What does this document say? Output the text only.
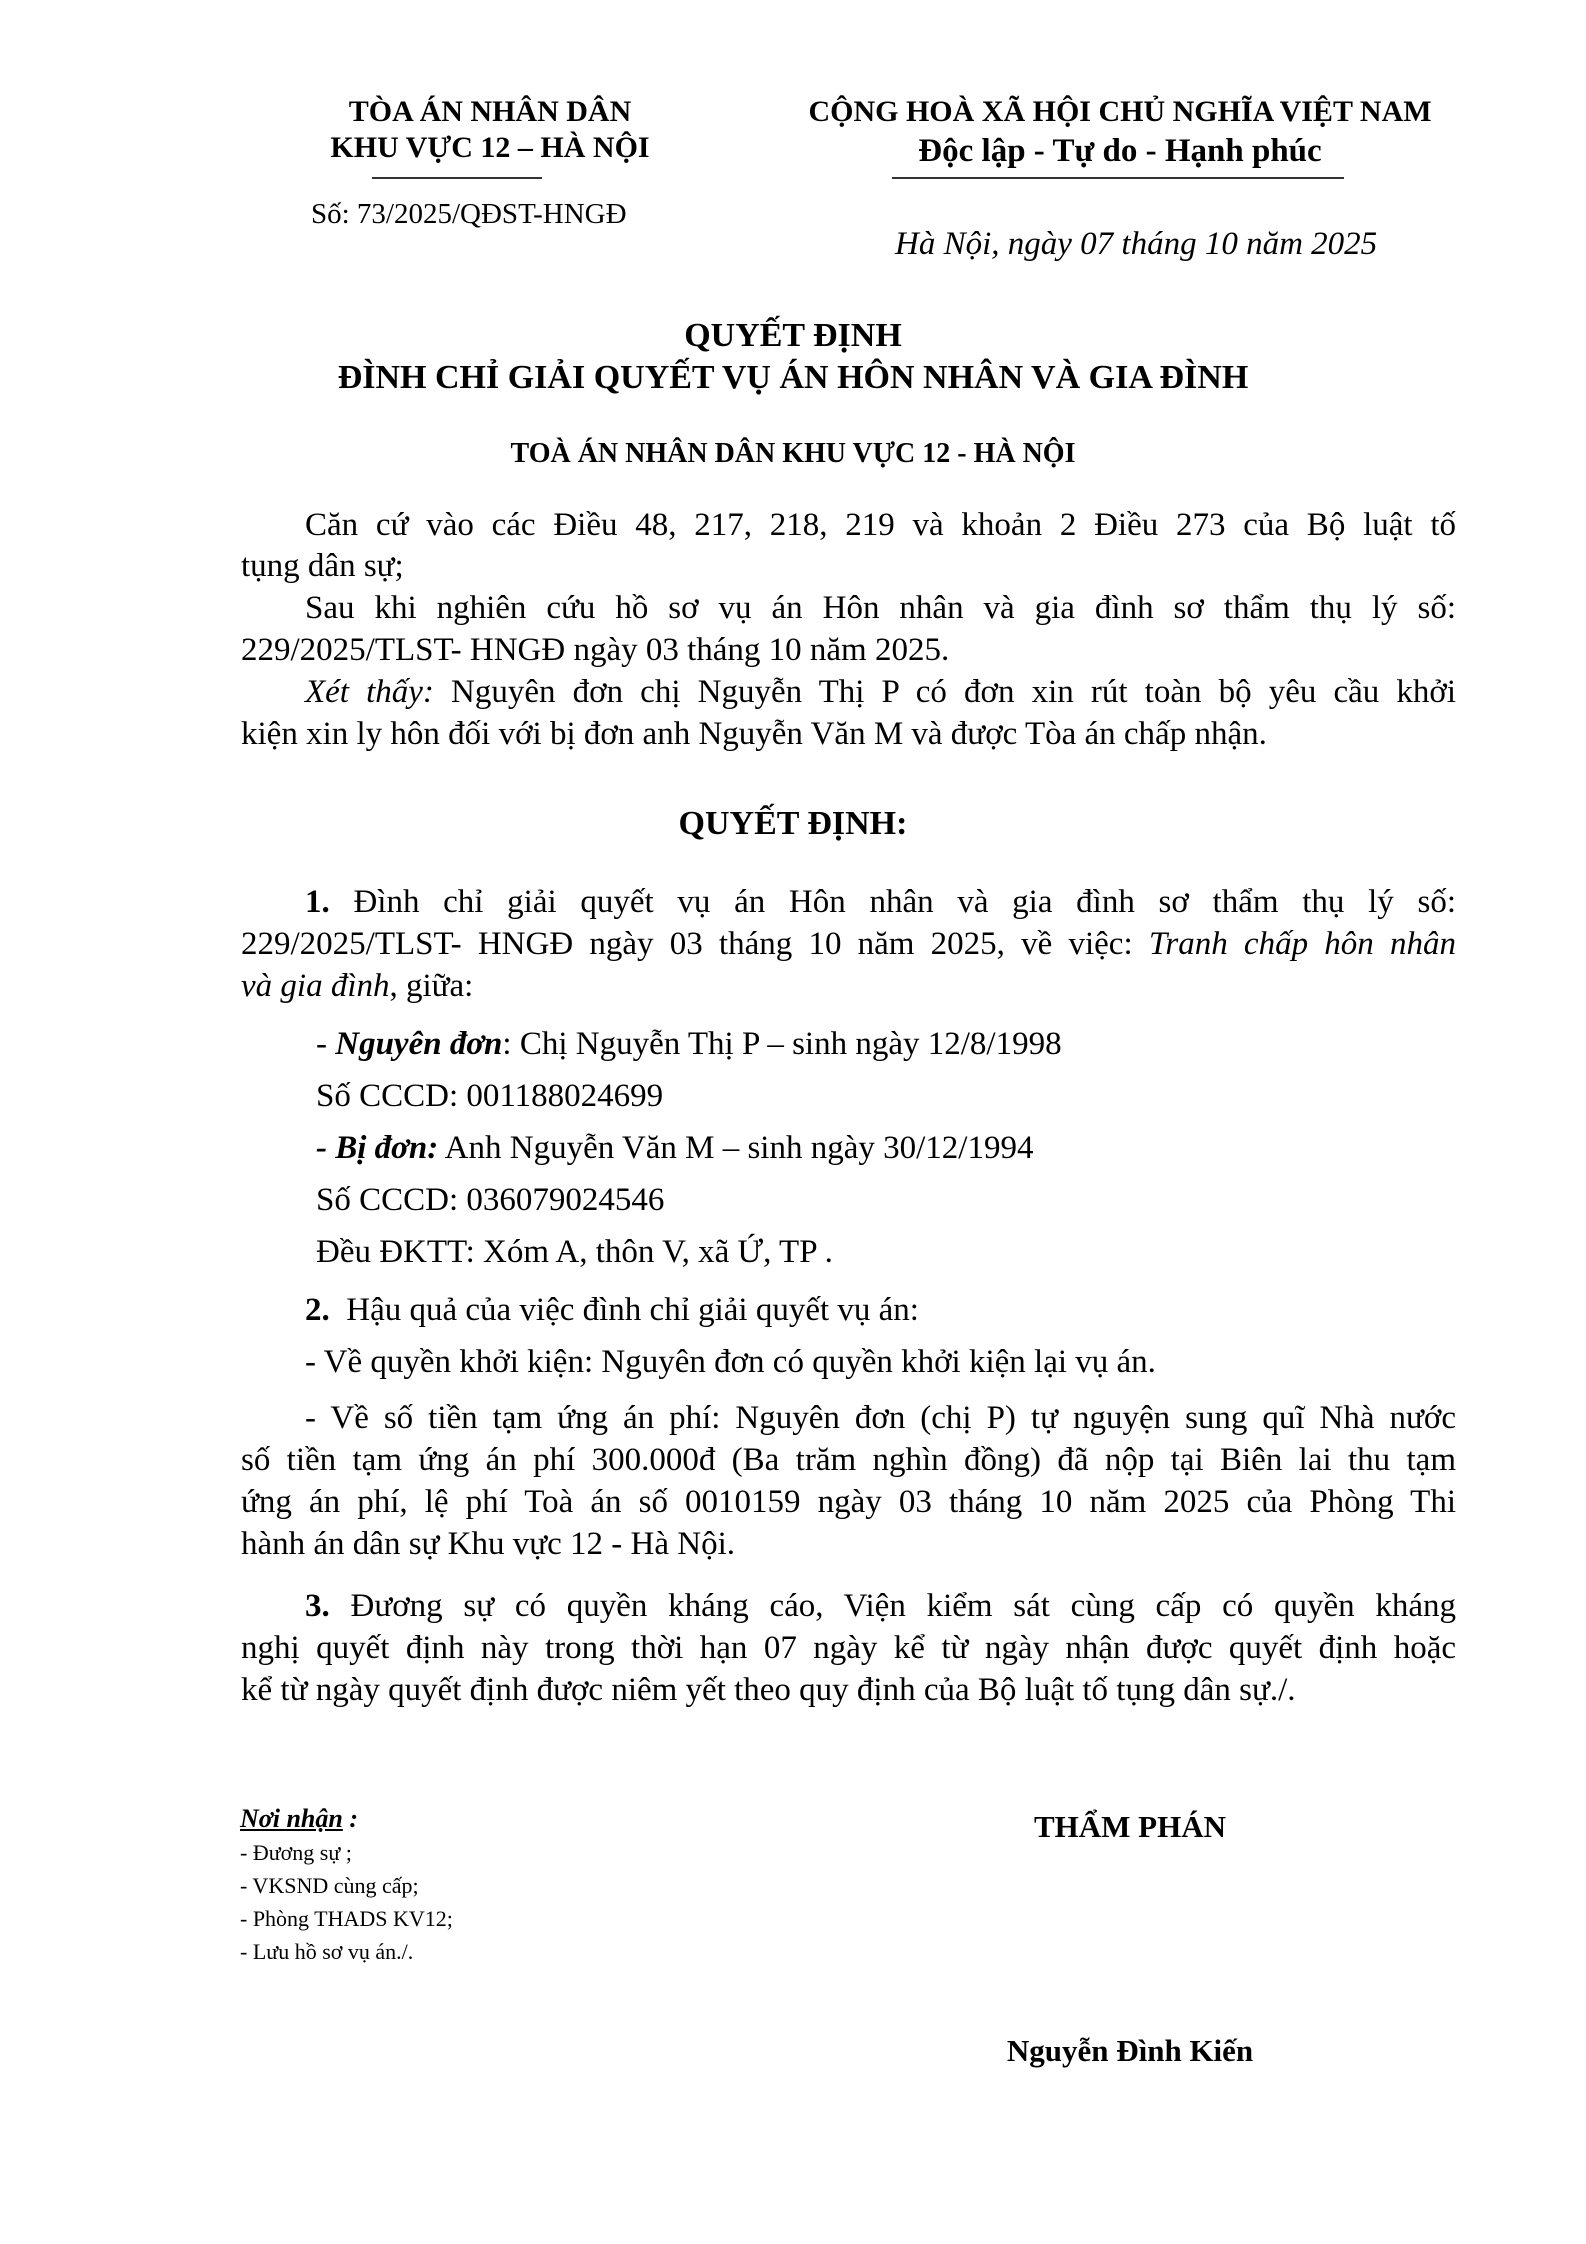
TÒA ÁN NHÂN DÂN
KHU VỰC 12 – HÀ NỘI
Số: 73/2025/QĐST-HNGĐ
CỘNG HOÀ XÃ HỘI CHỦ NGHĨA VIỆT NAM
Độc lập - Tự do - Hạnh phúc
Hà Nội, ngày 07 tháng 10 năm 2025
QUYẾT ĐỊNH
ĐÌNH CHỈ GIẢI QUYẾT VỤ ÁN HÔN NHÂN VÀ GIA ĐÌNH
TOÀ ÁN NHÂN DÂN KHU VỰC 12 - HÀ NỘI
Căn cứ vào các Điều 48, 217, 218, 219 và khoản 2 Điều 273 của Bộ luật tố
tụng dân sự;
Sau khi nghiên cứu hồ sơ vụ án Hôn nhân và gia đình sơ thẩm thụ lý số:
229/2025/TLST- HNGĐ ngày 03 tháng 10 năm 2025.
Xét thấy: Nguyên đơn chị Nguyễn Thị P có đơn xin rút toàn bộ yêu cầu khởi
kiện xin ly hôn đối với bị đơn anh Nguyễn Văn M và được Tòa án chấp nhận.
QUYẾT ĐỊNH:
1. Đình chỉ giải quyết vụ án Hôn nhân và gia đình sơ thẩm thụ lý số:
229/2025/TLST- HNGĐ ngày 03 tháng 10 năm 2025, về việc: Tranh chấp hôn nhân
và gia đình, giữa:
- Nguyên đơn: Chị Nguyễn Thị P – sinh ngày 12/8/1998
Số CCCD: 001188024699
- Bị đơn: Anh Nguyễn Văn M – sinh ngày 30/12/1994
Số CCCD: 036079024546
Đều ĐKTT: Xóm A, thôn V, xã Ứ, TP .
2.  Hậu quả của việc đình chỉ giải quyết vụ án:
- Về quyền khởi kiện: Nguyên đơn có quyền khởi kiện lại vụ án.
- Về số tiền tạm ứng án phí: Nguyên đơn (chị P) tự nguyện sung quĩ Nhà nước
số tiền tạm ứng án phí 300.000đ (Ba trăm nghìn đồng) đã nộp tại Biên lai thu tạm
ứng án phí, lệ phí Toà án số 0010159 ngày 03 tháng 10 năm 2025 của Phòng Thi
hành án dân sự Khu vực 12 - Hà Nội.
3. Đương sự có quyền kháng cáo, Viện kiểm sát cùng cấp có quyền kháng
nghị quyết định này trong thời hạn 07 ngày kể từ ngày nhận được quyết định hoặc
kể từ ngày quyết định được niêm yết theo quy định của Bộ luật tố tụng dân sự./.
Nơi nhận :
- Đương sự ;
- VKSND cùng cấp;
- Phòng THADS KV12;
- Lưu hồ sơ vụ án./.
THẨM PHÁN
Nguyễn Đình Kiến
